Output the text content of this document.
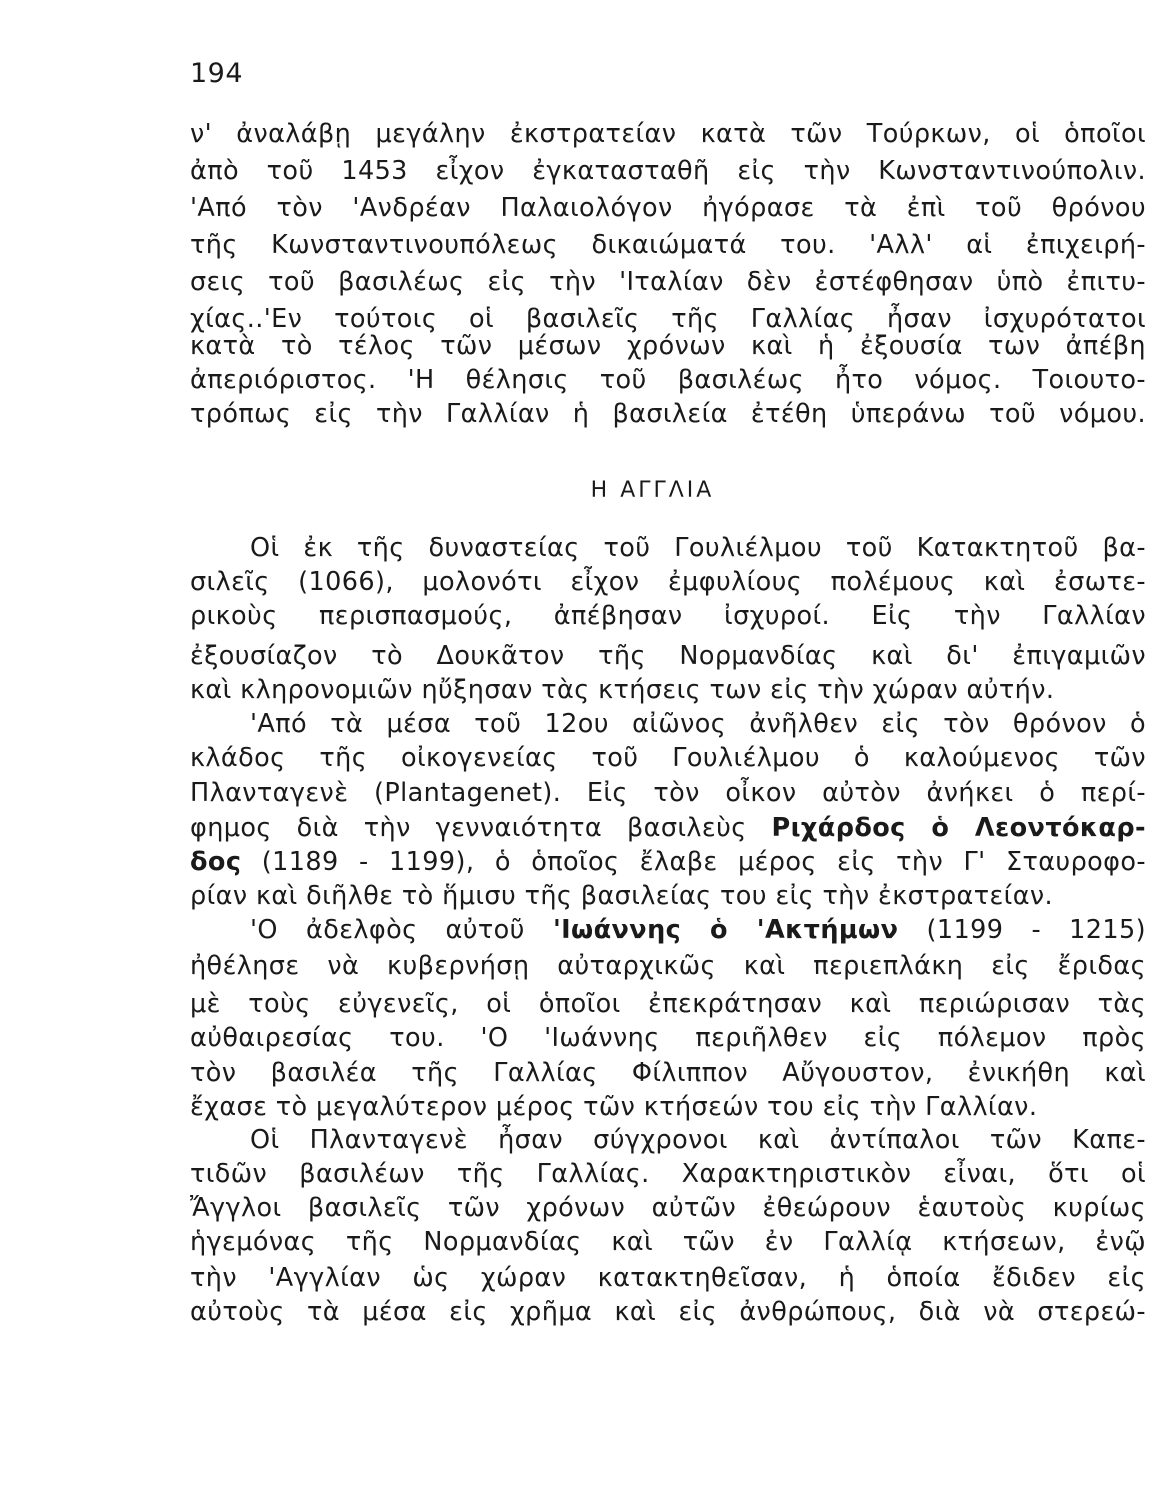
194
ν' ἀναλάβῃ μεγάλην ἐκστρατείαν κατὰ τῶν Τούρκων, οἱ ὁποῖοι
ἀπὸ τοῦ 1453 εἶχον ἐγκατασταθῆ εἰς τὴν Κωνσταντινούπολιν.
'Από τὸν 'Ανδρέαν Παλαιολόγον ἠγόρασε τὰ ἐπὶ τοῦ θρόνου
τῆς Κωνσταντινουπόλεως δικαιώματά του. 'Αλλ' αἱ ἐπιχειρή-
σεις τοῦ βασιλέως εἰς τὴν 'Ιταλίαν δὲν ἐστέφθησαν ὑπὸ ἐπιτυ-
χίας..'Εν τούτοις οἱ βασιλεῖς τῆς Γαλλίας ἦσαν ἰσχυρότατοι
κατὰ τὸ τέλος τῶν μέσων χρόνων καὶ ἡ ἐξουσία των ἀπέβη
ἀπεριόριστος. 'Η θέλησις τοῦ βασιλέως ἦτο νόμος. Τοιουτο-
τρόπως εἰς τὴν Γαλλίαν ἡ βασιλεία ἐτέθη ὑπεράνω τοῦ νόμου.
Η ΑΓΓΛΙΑ
Οἱ ἐκ τῆς δυναστείας τοῦ Γουλιέλμου τοῦ Κατακτητοῦ βα-
σιλεῖς (1066), μολονότι εἶχον ἐμφυλίους πολέμους καὶ ἐσωτε-
ρικοὺς περισπασμούς, ἀπέβησαν ἰσχυροί. Εἰς τὴν Γαλλίαν
ἐξουσίαζον τὸ Δουκᾶτον τῆς Νορμανδίας καὶ δι' ἐπιγαμιῶν
καὶ κληρονομιῶν ηὔξησαν τὰς κτήσεις των εἰς τὴν χώραν αὐτήν.
'Από τὰ μέσα τοῦ 12ου αἰῶνος ἀνῆλθεν εἰς τὸν θρόνον ὁ
κλάδος τῆς οἰκογενείας τοῦ Γουλιέλμου ὁ καλούμενος τῶν
Πλανταγενὲ (Plantagenet). Εἰς τὸν οἶκον αὐτὸν ἀνήκει ὁ περί-
φημος διὰ τὴν γενναιότητα βασιλεὺς Ριχάρδος ὁ Λεοντόκαρ-
δος (1189 - 1199), ὁ ὁποῖος ἔλαβε μέρος εἰς τὴν Γ' Σταυροφο-
ρίαν καὶ διῆλθε τὸ ἥμισυ τῆς βασιλείας του εἰς τὴν ἐκστρατείαν.
'Ο ἀδελφὸς αὐτοῦ 'Ιωάννης ὁ 'Ακτήμων (1199 - 1215)
ἠθέλησε νὰ κυβερνήσῃ αὐταρχικῶς καὶ περιεπλάκη εἰς ἔριδας
μὲ τοὺς εὐγενεῖς, οἱ ὁποῖοι ἐπεκράτησαν καὶ περιώρισαν τὰς
αὐθαιρεσίας του. 'Ο 'Ιωάννης περιῆλθεν εἰς πόλεμον πρὸς
τὸν βασιλέα τῆς Γαλλίας Φίλιππον Αὔγουστον, ἐνικήθη καὶ
ἔχασε τὸ μεγαλύτερον μέρος τῶν κτήσεών του εἰς τὴν Γαλλίαν.
Οἱ Πλανταγενὲ ἦσαν σύγχρονοι καὶ ἀντίπαλοι τῶν Καπε-
τιδῶν βασιλέων τῆς Γαλλίας. Χαρακτηριστικὸν εἶναι, ὅτι οἱ
Ἄγγλοι βασιλεῖς τῶν χρόνων αὐτῶν ἐθεώρουν ἑαυτοὺς κυρίως
ἡγεμόνας τῆς Νορμανδίας καὶ τῶν ἐν Γαλλίᾳ κτήσεων, ἐνῷ
τὴν 'Αγγλίαν ὡς χώραν κατακτηθεῖσαν, ἡ ὁποία ἔδιδεν εἰς
αὐτοὺς τὰ μέσα εἰς χρῆμα καὶ εἰς ἀνθρώπους, διὰ νὰ στερεώ-
